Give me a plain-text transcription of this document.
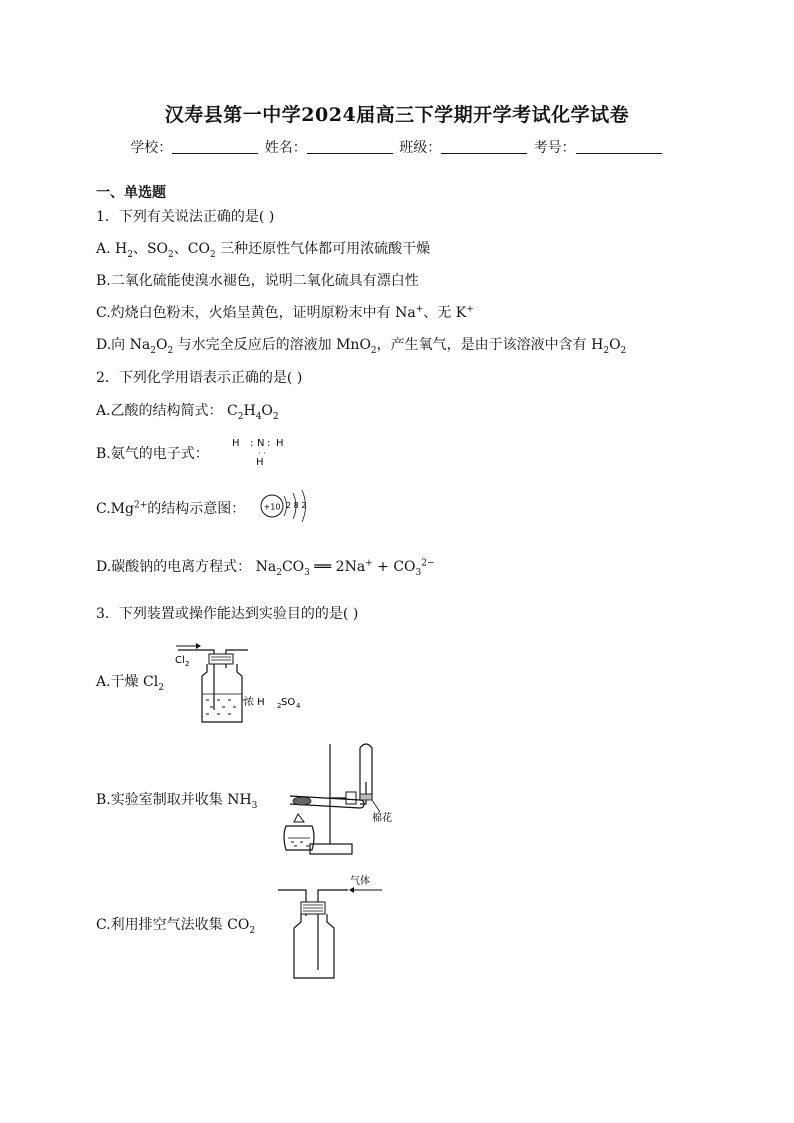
汉寿县第一中学2024届高三下学期开学考试化学试卷
学校：	姓名：	班级：	考号：
一、单选题
1．下列有关说法正确的是( )
A. $H_2$、$SO_2$、$CO_2$ 三种还原性气体都可用浓硫酸干燥
B.二氧化硫能使溴水褪色，说明二氧化硫具有漂白性
C.灼烧白色粉末，火焰呈黄色，证明原粉末中有 Na+、无 K+
D.向 $Na_2O_2$ 与水完全反应后的溶液加 MnO$_2$，产生氧气，是由于该溶液中含有 $H_2O_2$
2．下列化学用语表示正确的是( )
A.乙酸的结构简式： $C_2H_4O_2$
B.氨气的电子式：
H : N : H
· ·
H
$C.Mg^{2+}$的结构示意图： +10 2 8 2
D.碳酸钠的电离方程式： $Na_2CO_3$ ══ $2Na^+ + CO_3^{2-}$
3．下列装置或操作能达到实验目的的是( )
A.干燥 $Cl_2$
Cl 2
浓 H 2 SO 4
B.实验室制取并收集 $NH_3$
棉花
C.利用排空气法收集 $CO_2$
气体
